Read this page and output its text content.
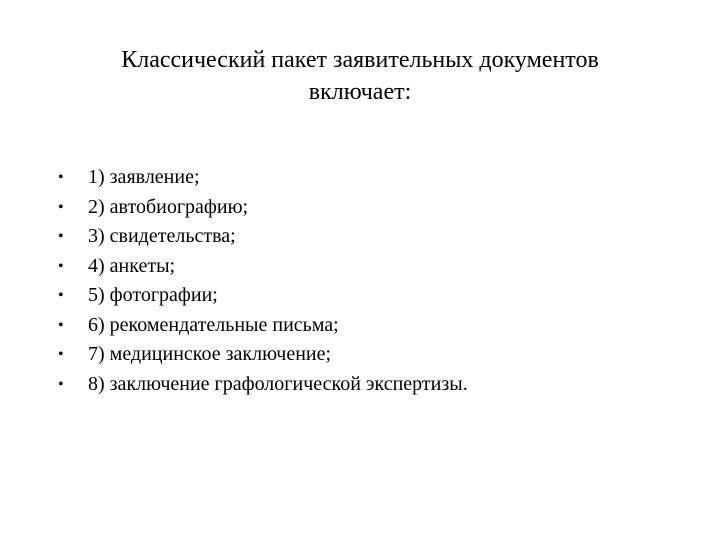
Классический пакет заявительных документов
включает:
• 1) заявление;
• 2) автобиографию;
• 3) свидетельства;
• 4) анкеты;
• 5) фотографии;
• 6) рекомендательные письма;
• 7) медицинское заключение;
• 8) заключение графологической экспертизы.
